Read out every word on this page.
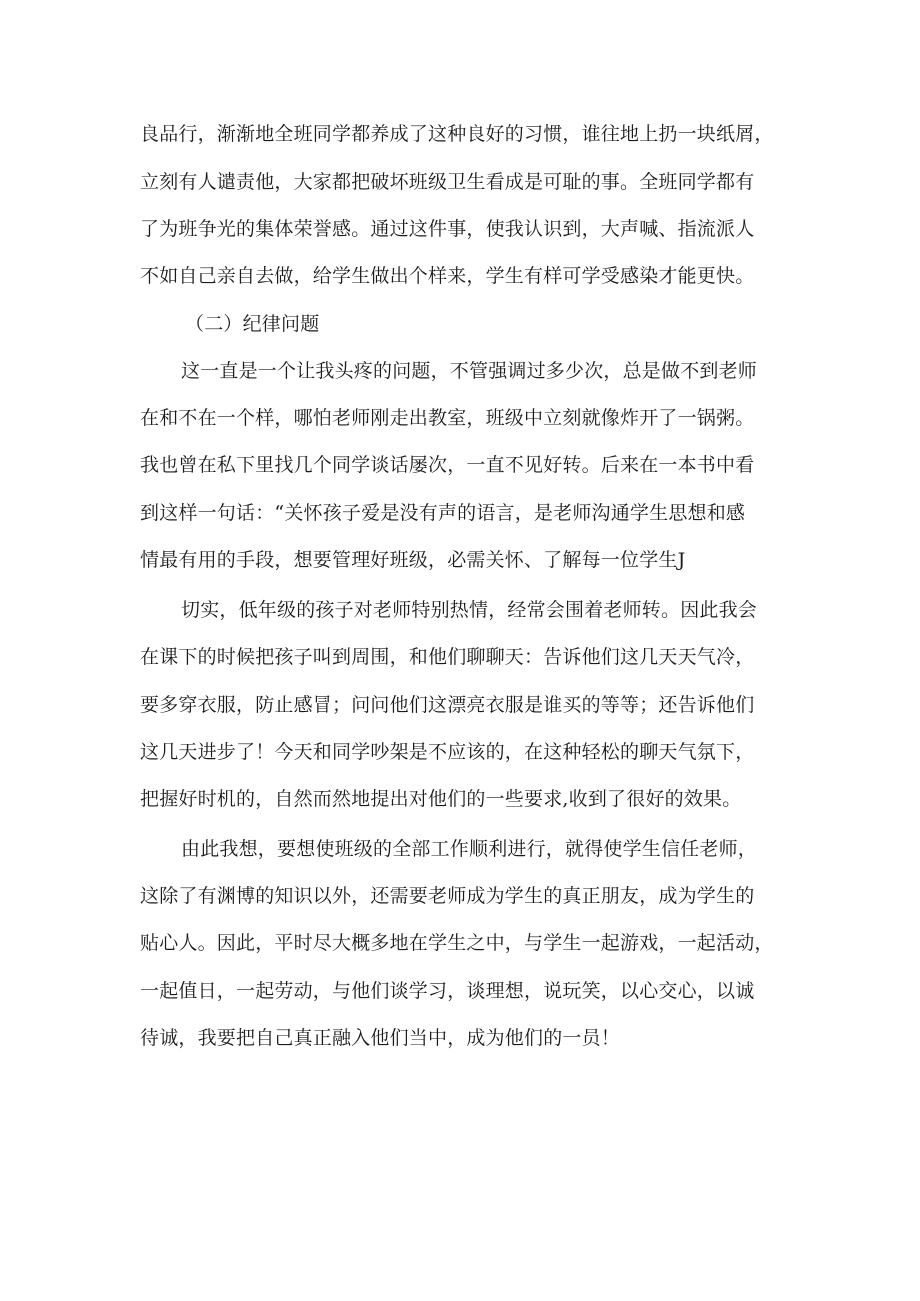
良品行，渐渐地全班同学都养成了这种良好的习惯，谁往地上扔一块纸屑，
立刻有人谴责他，大家都把破坏班级卫生看成是可耻的事。全班同学都有
了为班争光的集体荣誉感。通过这件事，使我认识到，大声喊、指流派人
不如自己亲自去做，给学生做出个样来，学生有样可学受感染才能更快。
（二）纪律问题
这一直是一个让我头疼的问题，不管强调过多少次，总是做不到老师
在和不在一个样，哪怕老师刚走出教室，班级中立刻就像炸开了一锅粥。
我也曾在私下里找几个同学谈话屡次，一直不见好转。后来在一本书中看
到这样一句话：“关怀孩子爱是没有声的语言，是老师沟通学生思想和感
情最有用的手段，想要管理好班级，必需关怀、了解每一位学生J
切实，低年级的孩子对老师特别热情，经常会围着老师转。因此我会
在课下的时候把孩子叫到周围，和他们聊聊天：告诉他们这几天天气冷，
要多穿衣服，防止感冒；问问他们这漂亮衣服是谁买的等等；还告诉他们
这几天进步了！今天和同学吵架是不应该的，在这种轻松的聊天气氛下，
把握好时机的，自然而然地提出对他们的一些要求,收到了很好的效果。
由此我想，要想使班级的全部工作顺利进行，就得使学生信任老师，
这除了有渊博的知识以外，还需要老师成为学生的真正朋友，成为学生的
贴心人。因此，平时尽大概多地在学生之中，与学生一起游戏，一起活动，
一起值日，一起劳动，与他们谈学习，谈理想，说玩笑，以心交心，以诚
待诚，我要把自己真正融入他们当中，成为他们的一员！
